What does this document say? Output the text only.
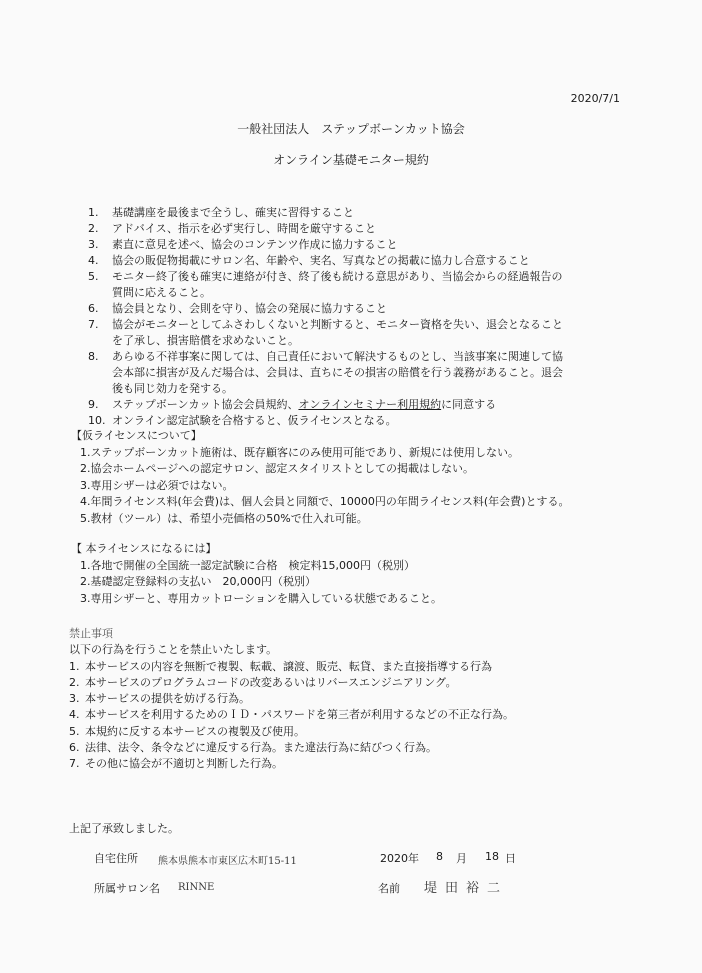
2020/7/1
一般社団法人　ステップボーンカット協会
オンライン基礎モニター規約
1.	基礎講座を最後まで全うし、確実に習得すること
2.	アドバイス、指示を必ず実行し、時間を厳守すること
3.	素直に意見を述べ、協会のコンテンツ作成に協力すること
4.	協会の販促物掲載にサロン名、年齢や、実名、写真などの掲載に協力し合意すること
5.	モニター終了後も確実に連絡が付き、終了後も続ける意思があり、当協会からの経過報告の
質問に応えること。
6.	協会員となり、会則を守り、協会の発展に協力すること
7.	協会がモニターとしてふさわしくないと判断すると、モニター資格を失い、退会となること
を了承し、損害賠償を求めないこと。
8.	あらゆる不祥事案に関しては、自己責任において解決するものとし、当該事案に関連して協
会本部に損害が及んだ場合は、会員は、直ちにその損害の賠償を行う義務があること。退会
後も同じ効力を発する。
9.	ステップボーンカット協会会員規約、オンラインセミナー利用規約に同意する
10. オンライン認定試験を合格すると、仮ライセンスとなる。
【仮ライセンスについて】
1.ステップボーンカット施術は、既存顧客にのみ使用可能であり、新規には使用しない。
2.協会ホームページへの認定サロン、認定スタイリストとしての掲載はしない。
3.専用シザーは必須ではない。
4.年間ライセンス料(年会費)は、個人会員と同額で、10000円の年間ライセンス料(年会費)とする。
5.教材（ツール）は、希望小売価格の50%で仕入れ可能。
【 本ライセンスになるには】
1.各地で開催の全国統一認定試験に合格　検定料15,000円（税別）
2.基礎認定登録料の支払い　20,000円（税別）
3.専用シザーと、専用カットローションを購入している状態であること。
禁止事項
以下の行為を行うことを禁止いたします。
1. 本サービスの内容を無断で複製、転載、譲渡、販売、転貸、また直接指導する行為
2. 本サービスのプログラムコードの改変あるいはリバースエンジニアリング。
3. 本サービスの提供を妨げる行為。
4. 本サービスを利用するためのＩＤ・パスワードを第三者が利用するなどの不正な行為。
5. 本規約に反する本サービスの複製及び使用。
6. 法律、法令、条令などに違反する行為。また違法行為に結びつく行為。
7. その他に協会が不適切と判断した行為。
上記了承致しました。
自宅住所 熊本県熊本市東区広木町15-11	2020年 8 月 18 日
所属サロン名 RINNE	名前 堤田裕二
